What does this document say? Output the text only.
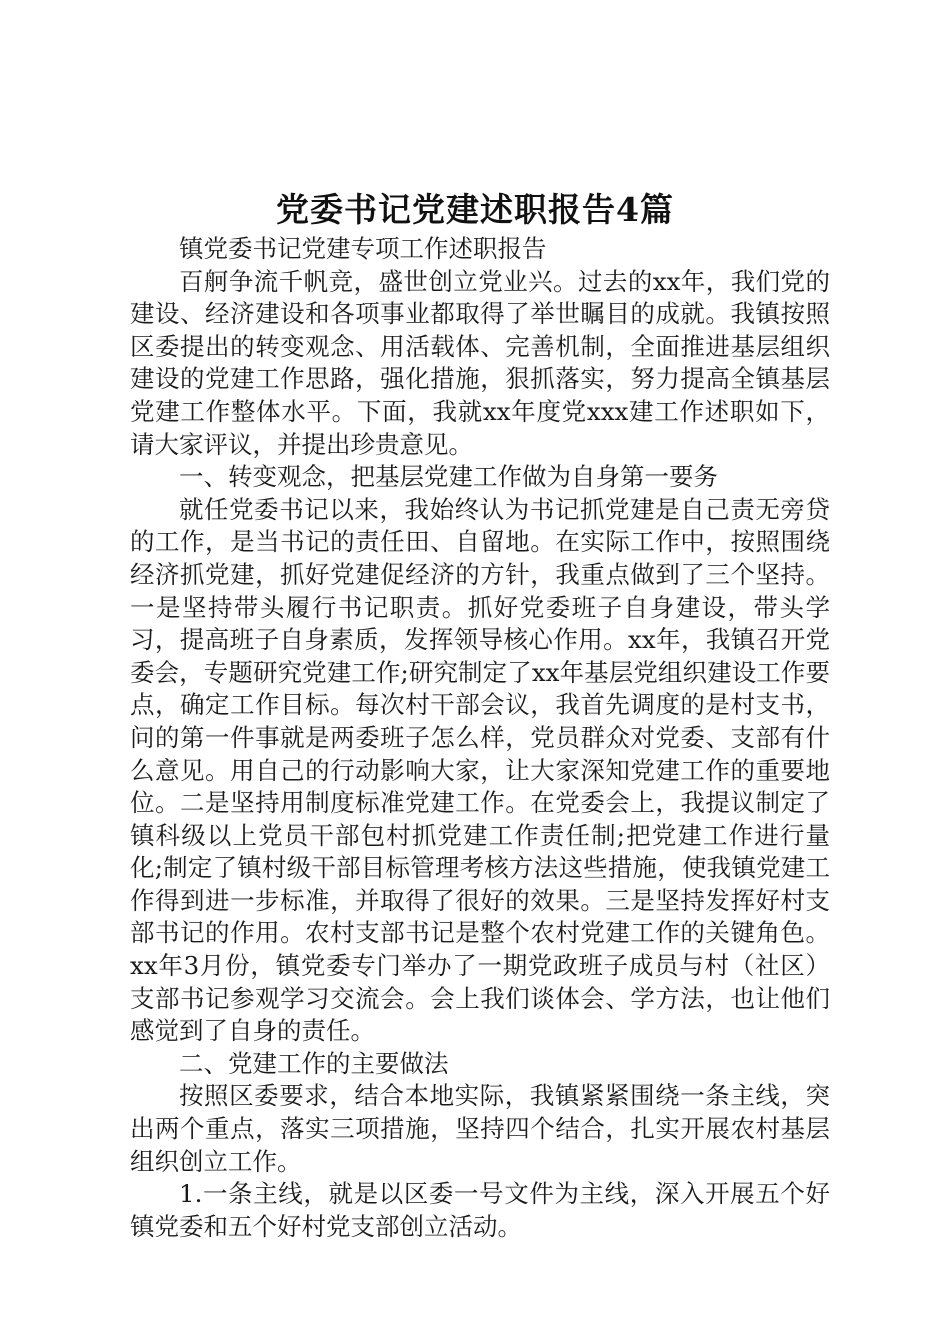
党委书记党建述职报告4篇

镇党委书记党建专项工作述职报告

百舸争流千帆竞，盛世创立党业兴。过去的xx年，我们党的建设、经济建设和各项事业都取得了举世瞩目的成就。我镇按照区委提出的转变观念、用活载体、完善机制，全面推进基层组织建设的党建工作思路，强化措施，狠抓落实，努力提高全镇基层党建工作整体水平。下面，我就xx年度党xxx建工作述职如下，请大家评议，并提出珍贵意见。

一、转变观念，把基层党建工作做为自身第一要务

就任党委书记以来，我始终认为书记抓党建是自己责无旁贷的工作，是当书记的责任田、自留地。在实际工作中，按照围绕经济抓党建，抓好党建促经济的方针，我重点做到了三个坚持。一是坚持带头履行书记职责。抓好党委班子自身建设，带头学习，提高班子自身素质，发挥领导核心作用。xx年，我镇召开党委会，专题研究党建工作;研究制定了xx年基层党组织建设工作要点，确定工作目标。每次村干部会议，我首先调度的是村支书，问的第一件事就是两委班子怎么样，党员群众对党委、支部有什么意见。用自己的行动影响大家，让大家深知党建工作的重要地位。二是坚持用制度标准党建工作。在党委会上，我提议制定了镇科级以上党员干部包村抓党建工作责任制;把党建工作进行量化;制定了镇村级干部目标管理考核方法这些措施，使我镇党建工作得到进一步标准，并取得了很好的效果。三是坚持发挥好村支部书记的作用。农村支部书记是整个农村党建工作的关键角色。xx年3月份，镇党委专门举办了一期党政班子成员与村（社区）支部书记参观学习交流会。会上我们谈体会、学方法，也让他们感觉到了自身的责任。

二、党建工作的主要做法

按照区委要求，结合本地实际，我镇紧紧围绕一条主线，突出两个重点，落实三项措施，坚持四个结合，扎实开展农村基层组织创立工作。

1.一条主线，就是以区委一号文件为主线，深入开展五个好镇党委和五个好村党支部创立活动。
